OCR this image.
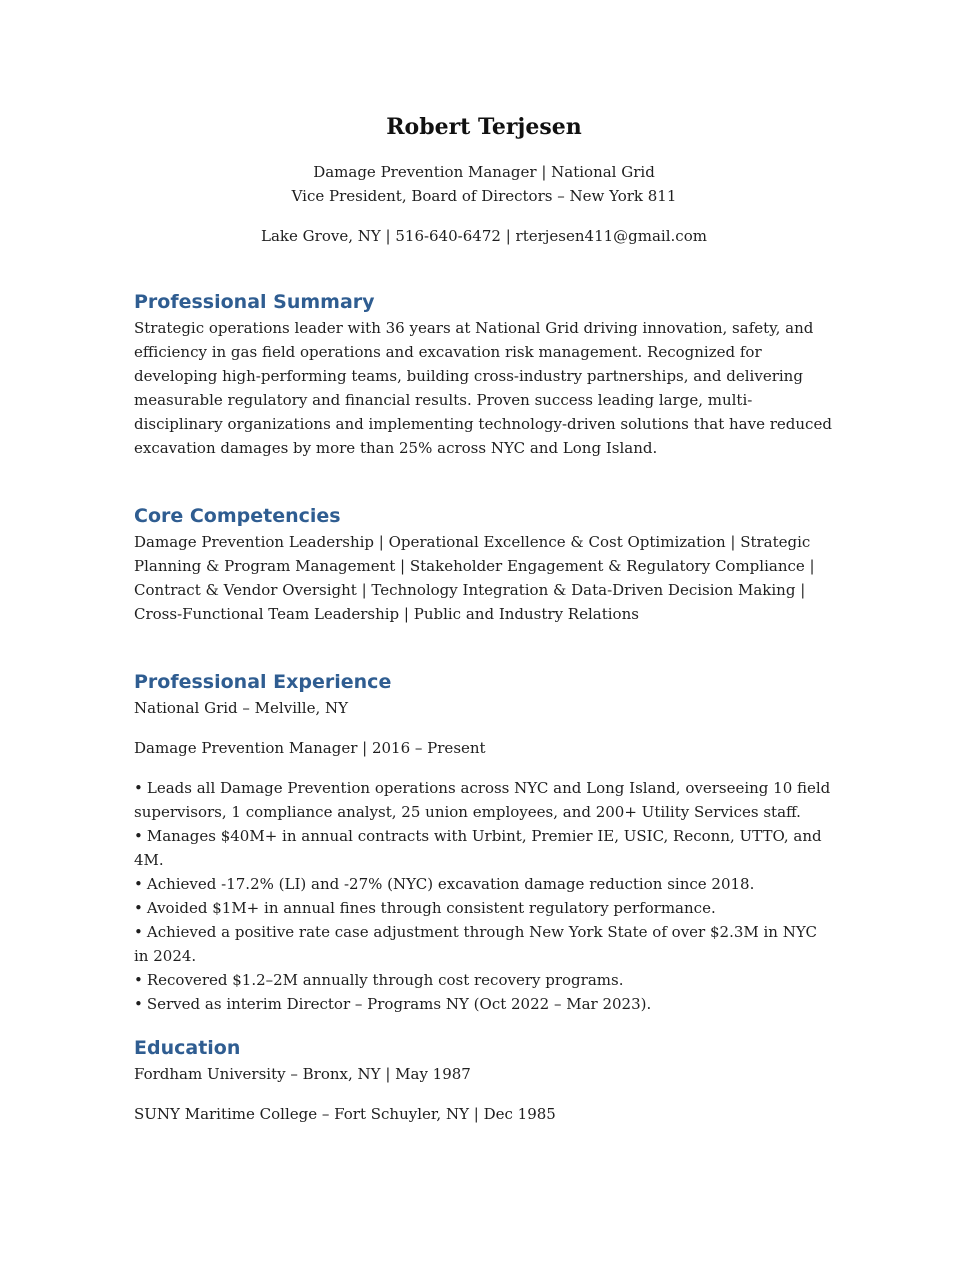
Robert Terjesen

Damage Prevention Manager | National Grid

Vice President, Board of Directors – New York 811

Lake Grove, NY | 516-640-6472 | rterjesen411@gmail.com

Professional Summary

Strategic operations leader with 36 years at National Grid driving innovation, safety, and efficiency in gas field operations and excavation risk management. Recognized for developing high-performing teams, building cross-industry partnerships, and delivering measurable regulatory and financial results. Proven success leading large, multi-disciplinary organizations and implementing technology-driven solutions that have reduced excavation damages by more than 25% across NYC and Long Island.

Core Competencies

Damage Prevention Leadership | Operational Excellence & Cost Optimization | Strategic Planning & Program Management | Stakeholder Engagement & Regulatory Compliance | Contract & Vendor Oversight | Technology Integration & Data-Driven Decision Making | Cross-Functional Team Leadership | Public and Industry Relations

Professional Experience

National Grid – Melville, NY

Damage Prevention Manager | 2016 – Present

• Leads all Damage Prevention operations across NYC and Long Island, overseeing 10 field supervisors, 1 compliance analyst, 25 union employees, and 200+ Utility Services staff.
• Manages $40M+ in annual contracts with Urbint, Premier IE, USIC, Reconn, UTTO, and 4M.
• Achieved -17.2% (LI) and -27% (NYC) excavation damage reduction since 2018.
• Avoided $1M+ in annual fines through consistent regulatory performance.
• Achieved a positive rate case adjustment through New York State of over $2.3M in NYC in 2024.
• Recovered $1.2–2M annually through cost recovery programs.
• Served as interim Director – Programs NY (Oct 2022 – Mar 2023).
Education

Fordham University – Bronx, NY | May 1987

SUNY Maritime College – Fort Schuyler, NY | Dec 1985
